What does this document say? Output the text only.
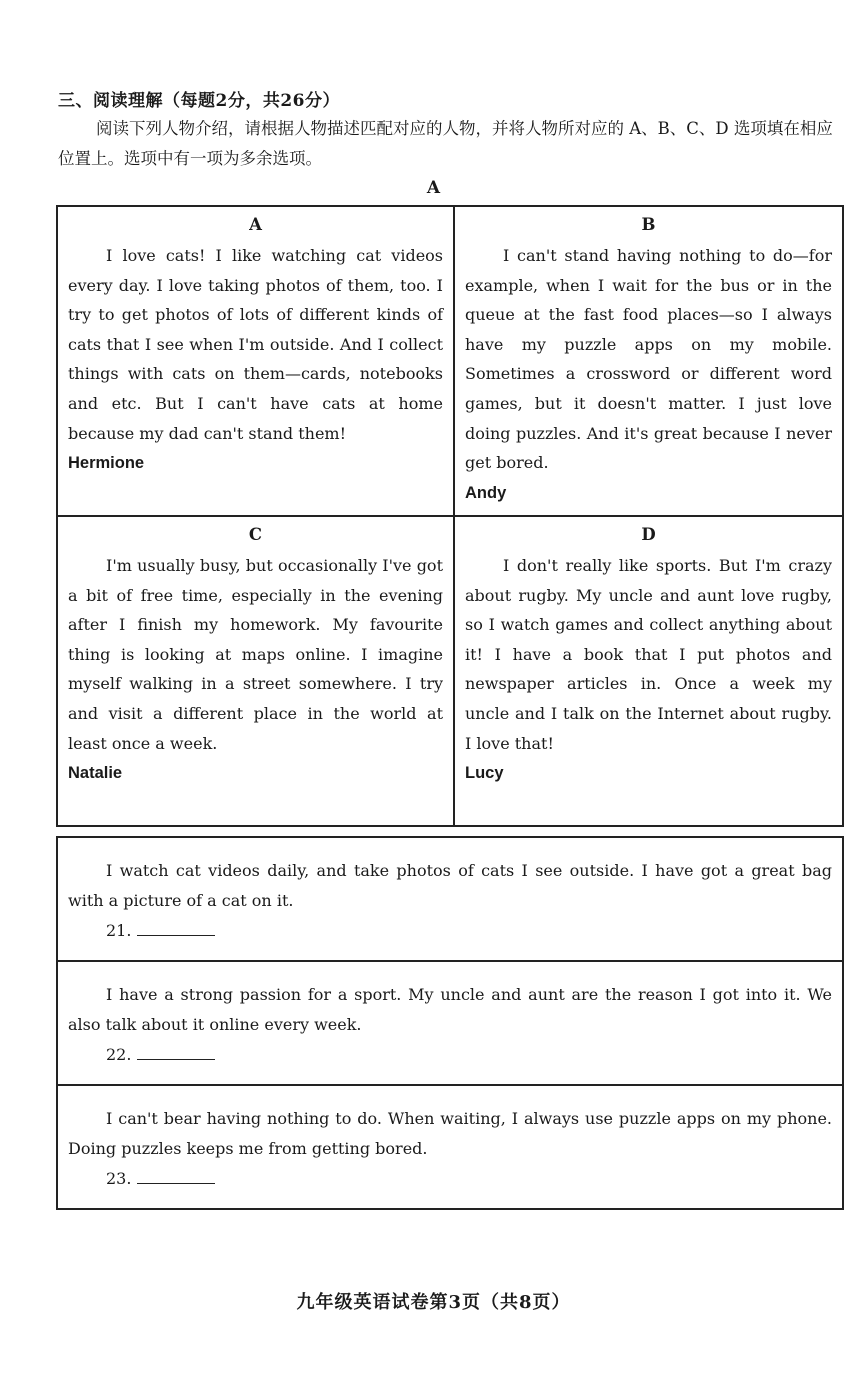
三、阅读理解（每题2分，共26分）
阅读下列人物介绍，请根据人物描述匹配对应的人物，并将人物所对应的 A、B、C、D 选项填在相应位置上。选项中有一项为多余选项。
A
A
I love cats! I like watching cat videos every day. I love taking photos of them, too. I try to get photos of lots of different kinds of cats that I see when I'm outside. And I collect things with cats on them—cards, notebooks and etc. But I can't have cats at home because my dad can't stand them!
Hermione
B
I can't stand having nothing to do—for example, when I wait for the bus or in the queue at the fast food places—so I always have my puzzle apps on my mobile. Sometimes a crossword or different word games, but it doesn't matter. I just love doing puzzles. And it's great because I never get bored.
Andy
C
I'm usually busy, but occasionally I've got a bit of free time, especially in the evening after I finish my homework. My favourite thing is looking at maps online. I imagine myself walking in a street somewhere. I try and visit a different place in the world at least once a week.
Natalie
D
I don't really like sports. But I'm crazy about rugby. My uncle and aunt love rugby, so I watch games and collect anything about it! I have a book that I put photos and newspaper articles in. Once a week my uncle and I talk on the Internet about rugby. I love that!
Lucy
I watch cat videos daily, and take photos of cats I see outside. I have got a great bag with a picture of a cat on it.
21.
I have a strong passion for a sport. My uncle and aunt are the reason I got into it. We also talk about it online every week.
22.
I can't bear having nothing to do. When waiting, I always use puzzle apps on my phone. Doing puzzles keeps me from getting bored.
23.
九年级英语试卷第3页（共8页）
